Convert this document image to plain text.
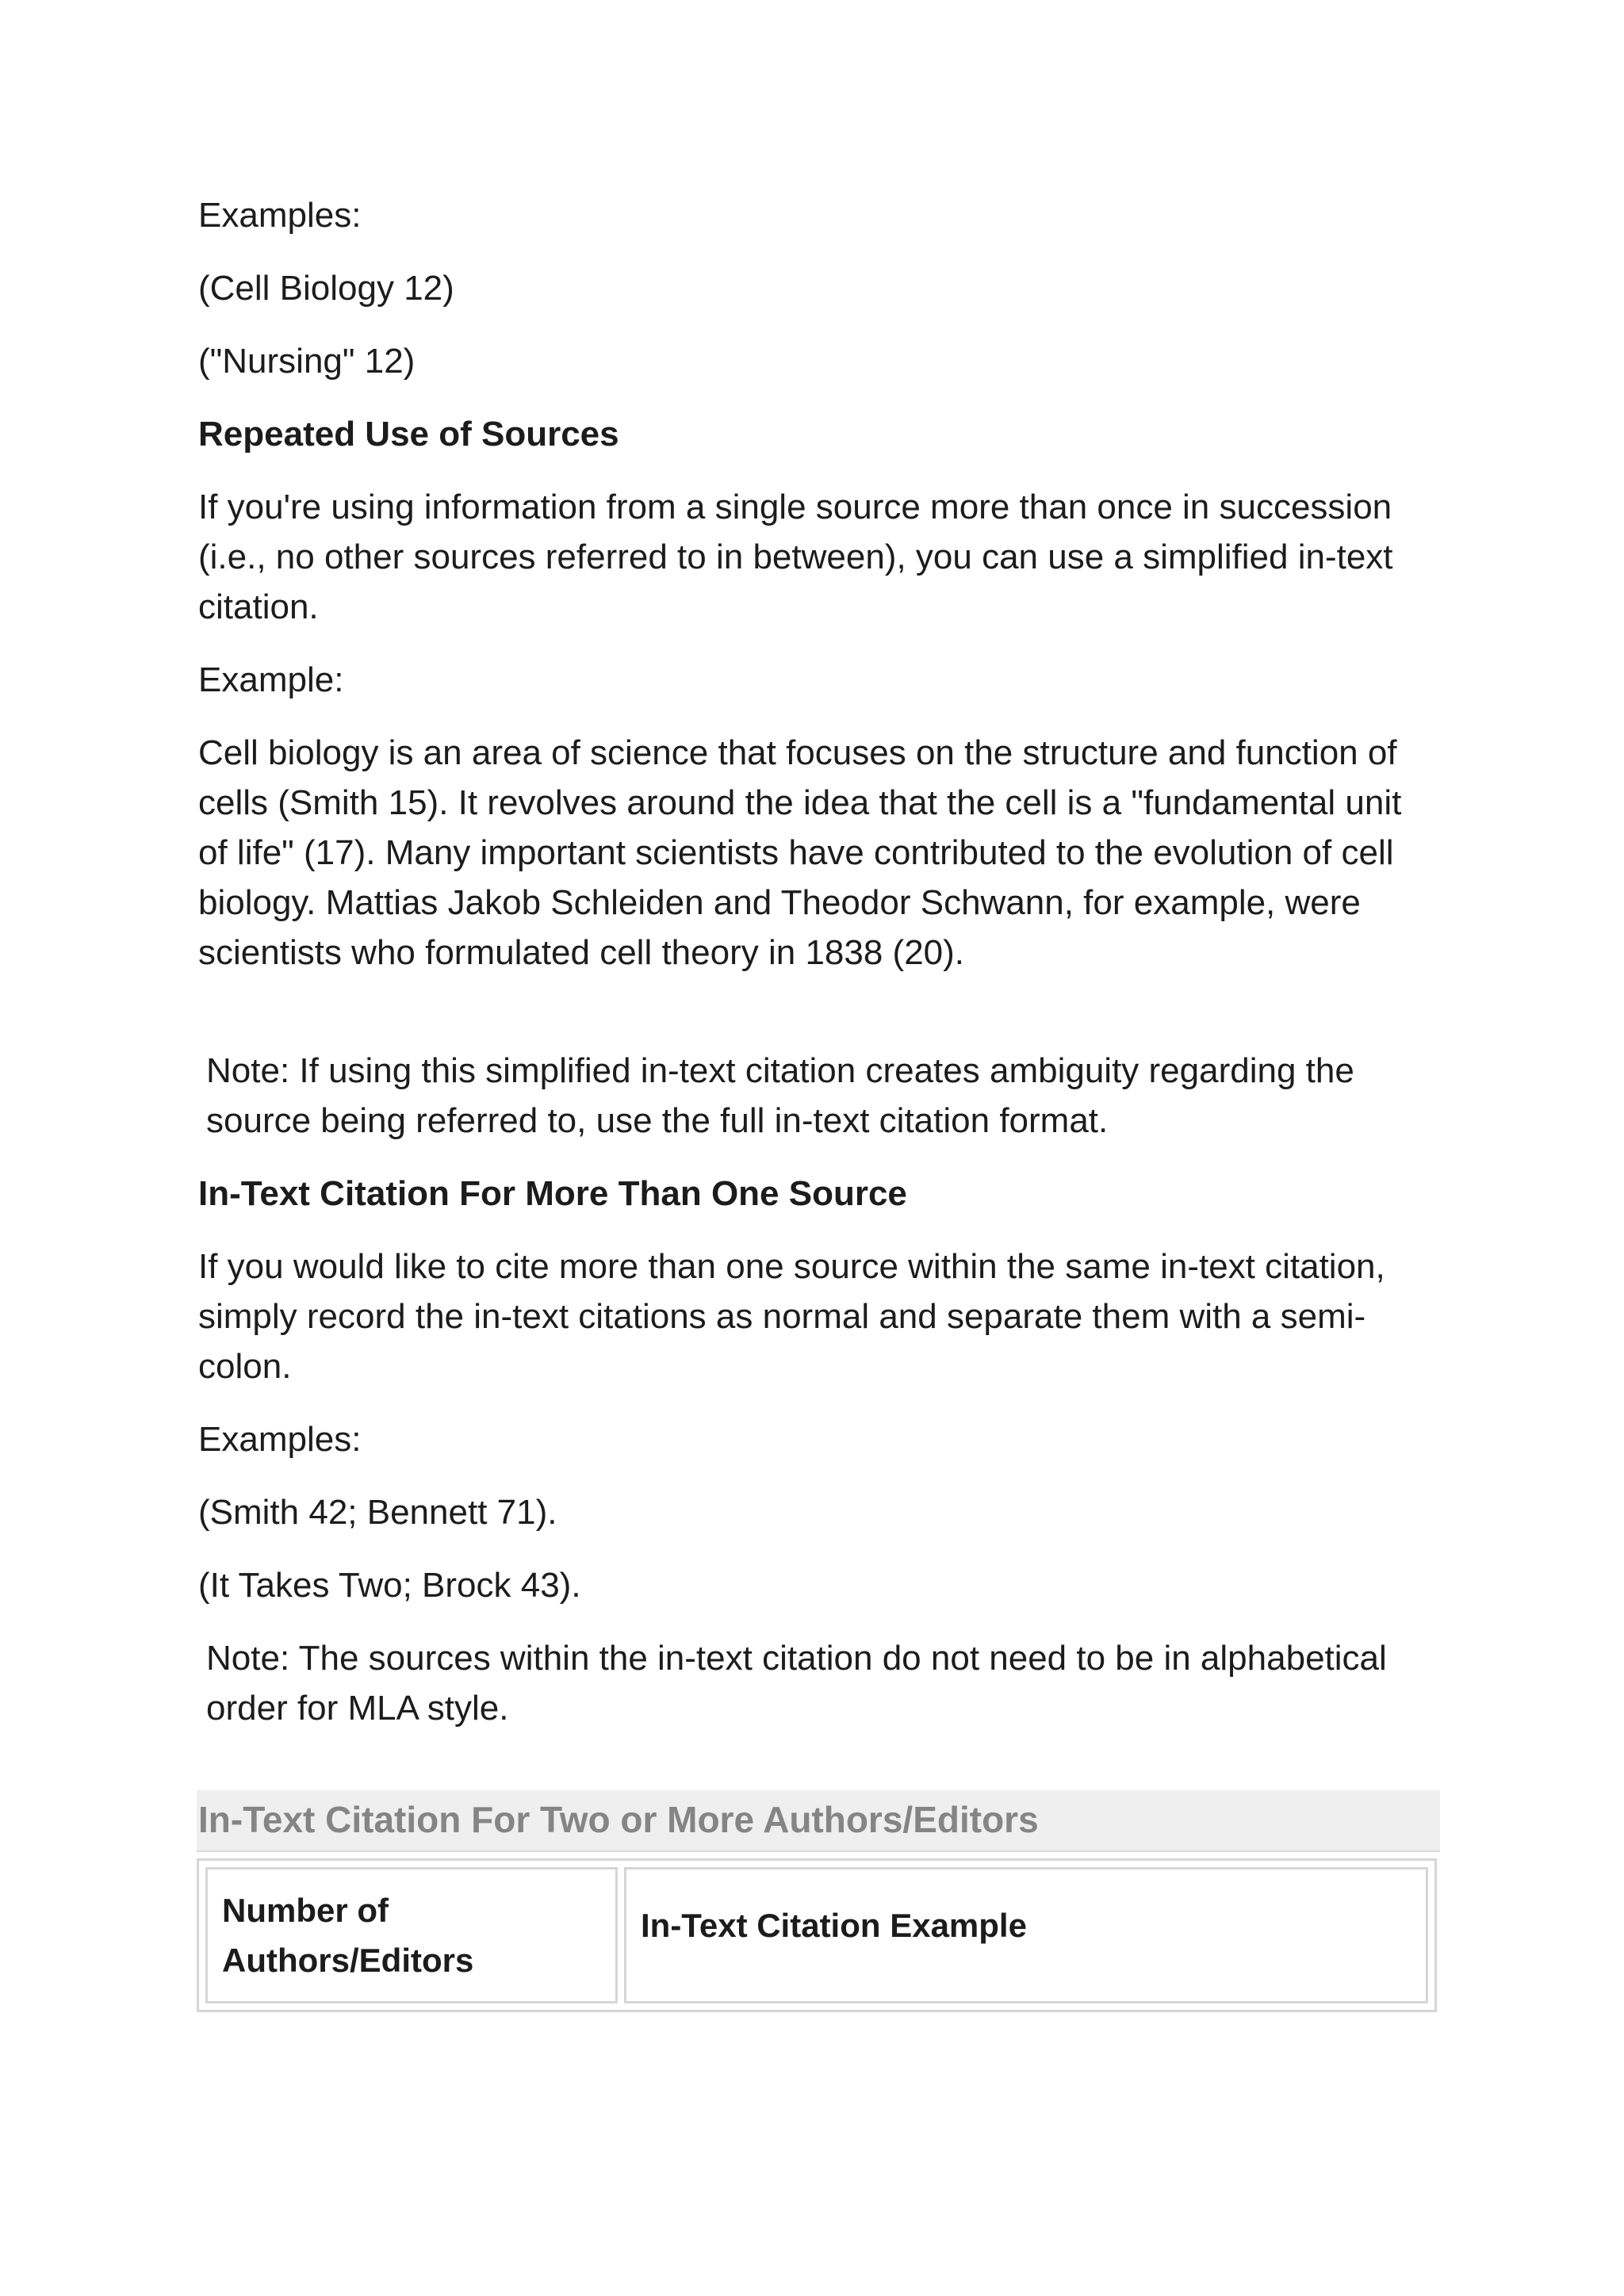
Examples:

(Cell Biology 12)

("Nursing" 12)

Repeated Use of Sources

If you're using information from a single source more than once in succession (i.e., no other sources referred to in between), you can use a simplified in-text citation.

Example:

Cell biology is an area of science that focuses on the structure and function of cells (Smith 15). It revolves around the idea that the cell is a "fundamental unit of life" (17). Many important scientists have contributed to the evolution of cell biology. Mattias Jakob Schleiden and Theodor Schwann, for example, were scientists who formulated cell theory in 1838 (20).

Note: If using this simplified in-text citation creates ambiguity regarding the source being referred to, use the full in-text citation format.

In-Text Citation For More Than One Source

If you would like to cite more than one source within the same in-text citation, simply record the in-text citations as normal and separate them with a semi-colon.

Examples:

(Smith 42; Bennett 71).

(It Takes Two; Brock 43).

Note: The sources within the in-text citation do not need to be in alphabetical order for MLA style.

In-Text Citation For Two or More Authors/Editors
Number of Authors/Editors	In-Text Citation Example
